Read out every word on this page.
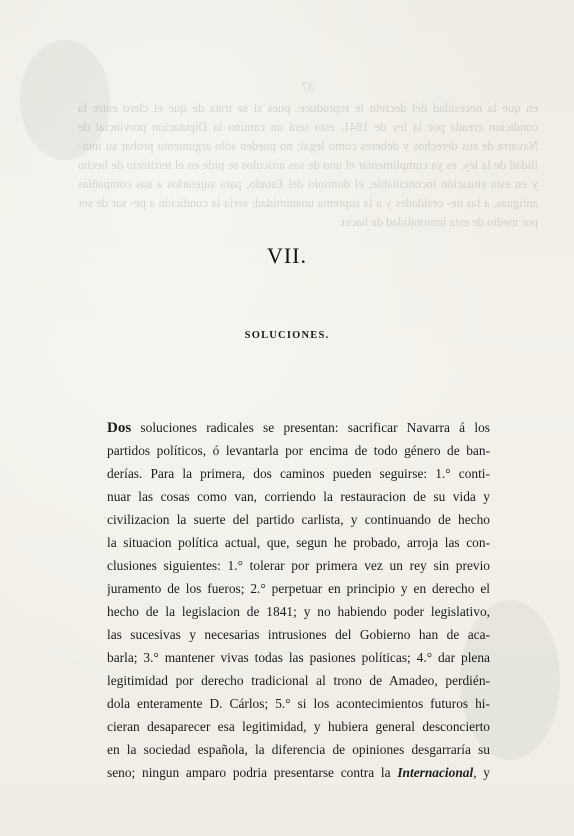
37
en que la necesidad del decreto le reproduce, pues si se trata de que el clero entre la condicion creada por la ley de 1841, esto será un camino la Diputacion provincial de Navarra de sus derechos y deberes como legal; no pueden sólo argumento probar su inut- ilidad de la ley, es ya cumplimentar el uno de sus artículos se pide en el territorio de hecho y en esta situación inconciliable, el dominio del Estado, para sujetarlos a sus compañías antiguas, a las ne- cesidades y a la suprema unanimidad; sería la condición a pe- sar de ser por medio de esta inmoralidad de hacer.
VII.
SOLUCIONES.
Dos soluciones radicales se presentan: sacrificar Navarra á los
partidos políticos, ó levantarla por encima de todo género de ban-
derías. Para la primera, dos caminos pueden seguirse: 1.° conti-
nuar las cosas como van, corriendo la restauracion de su vida y
civilizacion la suerte del partido carlista, y continuando de hecho
la situacion política actual, que, segun he probado, arroja las con-
clusiones siguientes: 1.° tolerar por primera vez un rey sin previo
juramento de los fueros; 2.° perpetuar en principio y en derecho el
hecho de la legislacion de 1841; y no habiendo poder legislativo,
las sucesivas y necesarias intrusiones del Gobierno han de aca-
barla; 3.° mantener vivas todas las pasiones políticas; 4.° dar plena
legitimidad por derecho tradicional al trono de Amadeo, perdién-
dola enteramente D. Cárlos; 5.° si los acontecimientos futuros hi-
cieran desaparecer esa legitimidad, y hubiera general desconcierto
en la sociedad española, la diferencia de opiniones desgarraría su
seno; ningun amparo podria presentarse contra la Internacional, y
